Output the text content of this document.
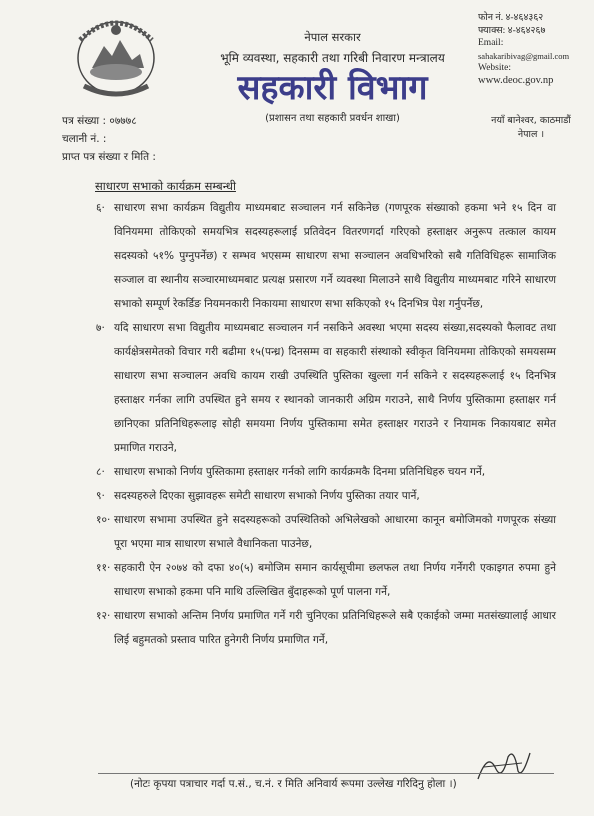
नेपाल सरकार
भूमि व्यवस्था, सहकारी तथा गरिबी निवारण मन्त्रालय
सहकारी विभाग
(प्रशासन तथा सहकारी प्रवर्धन शाखा)
फोन नं. ४-४६४३६२
फ्याक्स: ४-४६४२६७
Email:
sahakaribivag@gmail.com
Website:
www.deoc.gov.np
नयाँ बानेश्वर, काठमाडौं
नेपाल ।
पत्र संख्या : ०७७७८
चलानी नं. :
प्राप्त पत्र संख्या र मिति :
साधारण सभाको कार्यक्रम सम्बन्धी
६· साधारण सभा कार्यक्रम विद्युतीय माध्यमबाट सञ्चालन गर्न सकिनेछ (गणपूरक संख्याको हकमा भने १५ दिन वा विनियममा तोकिएको समयभित्र सदस्यहरूलाई प्रतिवेदन वितरणगर्दा गरिएको हस्ताक्षर अनुरूप तत्काल कायम सदस्यको ५१% पुग्नुपर्नेछ) र सम्भव भएसम्म साधारण सभा सञ्चालन अवधिभरिको सबै गतिविधिहरू सामाजिक सञ्जाल वा स्थानीय सञ्चारमाध्यमबाट प्रत्यक्ष प्रसारण गर्ने व्यवस्था मिलाउने साथै विद्युतीय माध्यमबाट गरिने साधारण सभाको सम्पूर्ण रेकर्डिङ नियमनकारी निकायमा साधारण सभा सकिएको १५ दिनभित्र पेश गर्नुपर्नेछ,
७· यदि साधारण सभा विद्युतीय माध्यमबाट सञ्चालन गर्न नसकिने अवस्था भएमा सदस्य संख्या,सदस्यको फैलावट तथा कार्यक्षेत्रसमेतको विचार गरी बढीमा १५(पन्ध्र) दिनसम्म वा सहकारी संस्थाको स्वीकृत विनियममा तोकिएको समयसम्म साधारण सभा सञ्चालन अवधि कायम राखी उपस्थिति पुस्तिका खुल्ला गर्न सकिने र सदस्यहरूलाई १५ दिनभित्र हस्ताक्षर गर्नका लागि उपस्थित हुने समय र स्थानको जानकारी अग्रिम गराउने, साथै निर्णय पुस्तिकामा हस्ताक्षर गर्न छानिएका प्रतिनिधिहरूलाइ सोही समयमा निर्णय पुस्तिकामा समेत हस्ताक्षर गराउने र नियामक निकायबाट समेत प्रमाणित गराउने,
८· साधारण सभाको निर्णय पुस्तिकामा हस्ताक्षर गर्नको लागि कार्यक्रमकै दिनमा प्रतिनिधिहरु चयन गर्ने,
९· सदस्यहरुले दिएका सुझावहरू समेटी साधारण सभाको निर्णय पुस्तिका तयार पार्ने,
१०· साधारण सभामा उपस्थित हुने सदस्यहरूको उपस्थितिको अभिलेखको आधारमा कानून बमोजिमको गणपूरक संख्या पूरा भएमा मात्र साधारण सभाले वैधानिकता पाउनेछ,
११· सहकारी ऐन २०७४ को दफा ४०(५) बमोजिम समान कार्यसूचीमा छलफल तथा निर्णय गर्नेगरी एकाइगत रुपमा हुने साधारण सभाको हकमा पनि माथि उल्लिखित बुँदाहरूको पूर्ण पालना गर्ने,
१२· साधारण सभाको अन्तिम निर्णय प्रमाणित गर्ने गरी चुनिएका प्रतिनिधिहरूले सबै एकाईको जम्मा मतसंख्यालाई आधार लिई बहुमतको प्रस्ताव पारित हुनेगरी निर्णय प्रमाणित गर्ने,
(नोटः कृपया पत्राचार गर्दा प.सं., च.नं. र मिति अनिवार्य रूपमा उल्लेख गरिदिनु होला ।)
